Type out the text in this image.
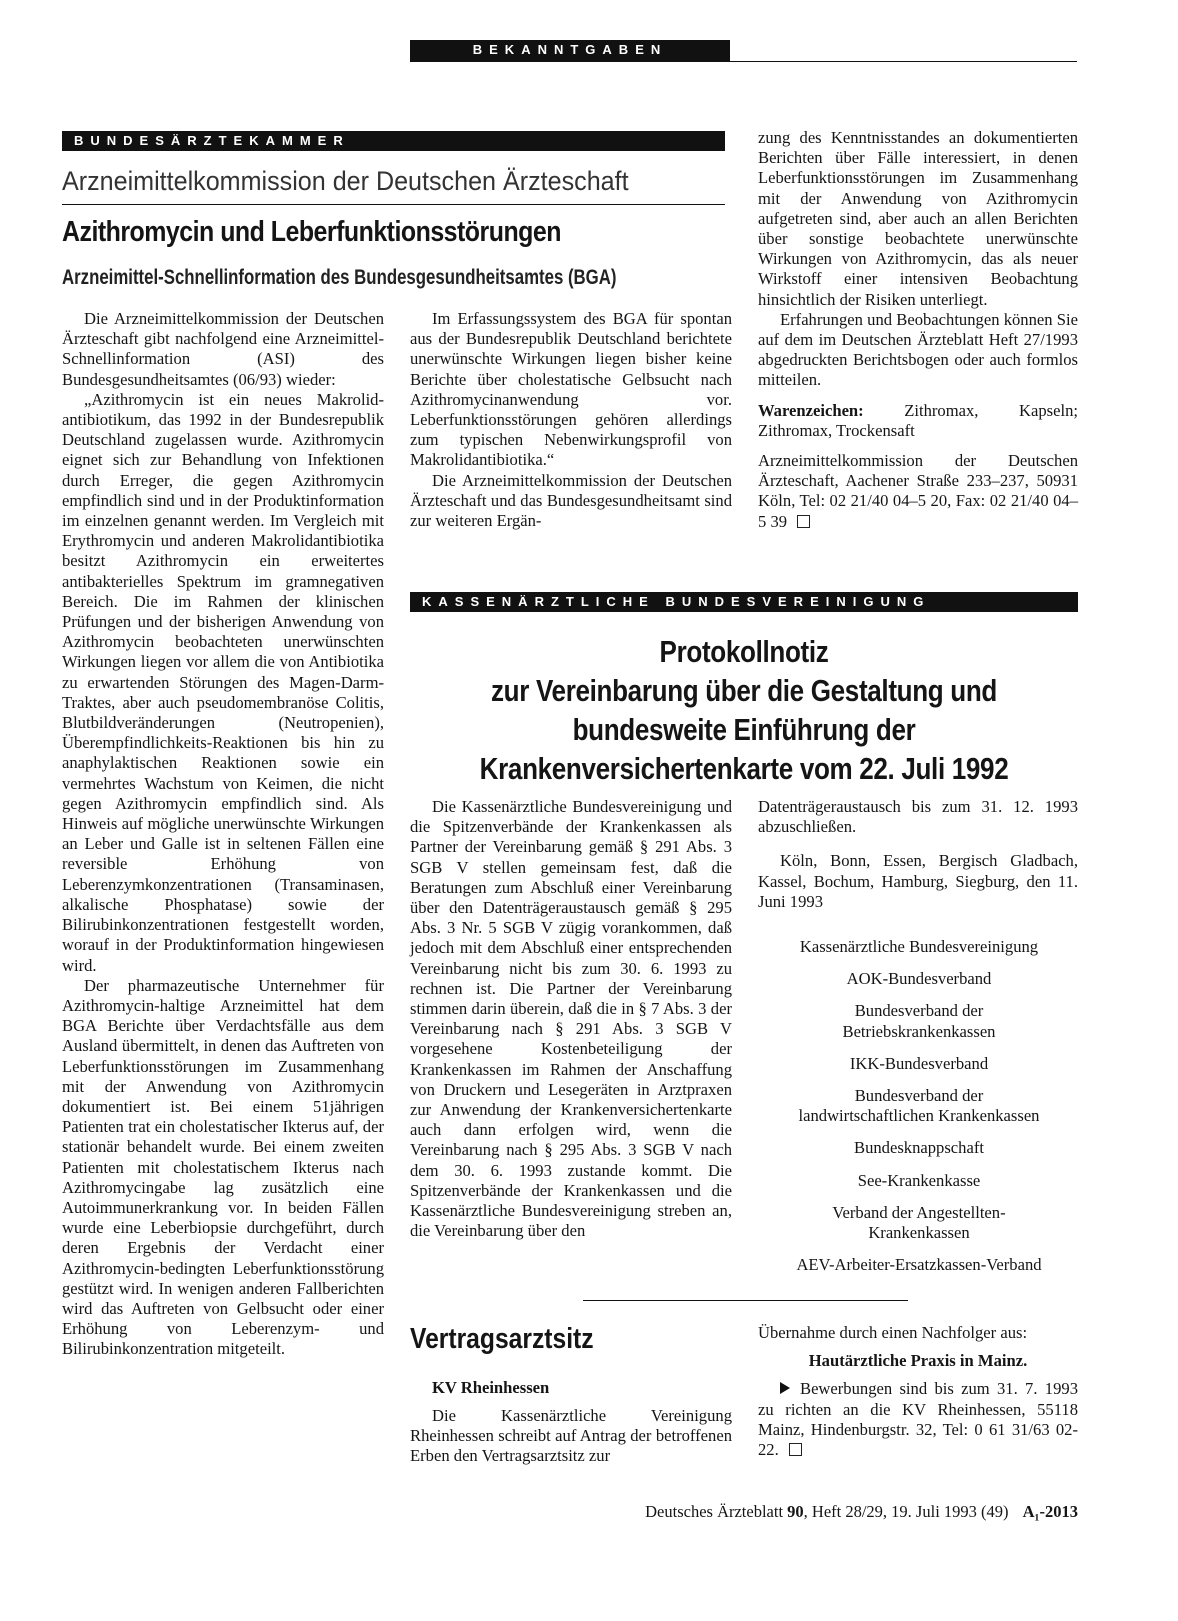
BEKANNTGABEN
BUNDESÄRZTEKAMMER
Arzneimittelkommission der Deutschen Ärzteschaft
Azithromycin und Leberfunktionsstörungen
Arzneimittel-Schnellinformation des Bundesgesundheitsamtes (BGA)

Die Arzneimittelkommission der Deutschen Ärzteschaft gibt nachfolgend eine Arzneimittel-Schnellinformation (ASI) des Bundesgesundheitsamtes (06/93) wieder:

„Azithromycin ist ein neues Makrolid-antibiotikum, das 1992 in der Bundesrepublik Deutschland zugelassen wurde. Azithromycin eignet sich zur Behandlung von Infektionen durch Erreger, die gegen Azithromycin empfindlich sind und in der Produktinformation im einzelnen genannt werden. Im Vergleich mit Erythromycin und anderen Makrolidantibiotika besitzt Azithromycin ein erweitertes antibakterielles Spektrum im gramnegativen Bereich. Die im Rahmen der klinischen Prüfungen und der bisherigen Anwendung von Azithromycin beobachteten unerwünschten Wirkungen liegen vor allem die von Antibiotika zu erwartenden Störungen des Magen-Darm-Traktes, aber auch pseudomembranöse Colitis, Blutbildveränderungen (Neutropenien), Überempfindlichkeits-Reaktionen bis hin zu anaphylaktischen Reaktionen sowie ein vermehrtes Wachstum von Keimen, die nicht gegen Azithromycin empfindlich sind. Als Hinweis auf mögliche unerwünschte Wirkungen an Leber und Galle ist in seltenen Fällen eine reversible Erhöhung von Leberenzymkonzentrationen (Transaminasen, alkalische Phosphatase) sowie der Bilirubinkonzentrationen festgestellt worden, worauf in der Produktinformation hingewiesen wird.

Der pharmazeutische Unternehmer für Azithromycin-haltige Arzneimittel hat dem BGA Berichte über Verdachtsfälle aus dem Ausland übermittelt, in denen das Auftreten von Leberfunktionsstörungen im Zusammenhang mit der Anwendung von Azithromycin dokumentiert ist. Bei einem 51jährigen Patienten trat ein cholestatischer Ikterus auf, der stationär behandelt wurde. Bei einem zweiten Patienten mit cholestatischem Ikterus nach Azithromycingabe lag zusätzlich eine Autoimmunerkrankung vor. In beiden Fällen wurde eine Leberbiopsie durchgeführt, durch deren Ergebnis der Verdacht einer Azithromycin-bedingten Leberfunktionsstörung gestützt wird. In wenigen anderen Fallberichten wird das Auftreten von Gelbsucht oder einer Erhöhung von Leberenzym- und Bilirubinkonzentration mitgeteilt.

Im Erfassungssystem des BGA für spontan aus der Bundesrepublik Deutschland berichtete unerwünschte Wirkungen liegen bisher keine Berichte über cholestatische Gelbsucht nach Azithromycinanwendung vor. Leberfunktionsstörungen gehören allerdings zum typischen Nebenwirkungsprofil von Makrolidantibiotika.“

Die Arzneimittelkommission der Deutschen Ärzteschaft und das Bundesgesundheitsamt sind zur weiteren Ergän-

zung des Kenntnisstandes an dokumentierten Berichten über Fälle interessiert, in denen Leberfunktionsstörungen im Zusammenhang mit der Anwendung von Azithromycin aufgetreten sind, aber auch an allen Berichten über sonstige beobachtete unerwünschte Wirkungen von Azithromycin, das als neuer Wirkstoff einer intensiven Beobachtung hinsichtlich der Risiken unterliegt.

Erfahrungen und Beobachtungen können Sie auf dem im Deutschen Ärzteblatt Heft 27/1993 abgedruckten Berichtsbogen oder auch formlos mitteilen.

Warenzeichen: Zithromax, Kapseln; Zithromax, Trockensaft

Arzneimittelkommission der Deutschen Ärzteschaft, Aachener Straße 233–237, 50931 Köln, Tel: 02 21/40 04–5 20, Fax: 02 21/40 04–5 39

KASSENÄRZTLICHE BUNDESVEREINIGUNG
Protokollnotiz
zur Vereinbarung über die Gestaltung und
bundesweite Einführung der
Krankenversichertenkarte vom 22. Juli 1992

Die Kassenärztliche Bundesvereinigung und die Spitzenverbände der Krankenkassen als Partner der Vereinbarung gemäß § 291 Abs. 3 SGB V stellen gemeinsam fest, daß die Beratungen zum Abschluß einer Vereinbarung über den Datenträgeraustausch gemäß § 295 Abs. 3 Nr. 5 SGB V zügig vorankommen, daß jedoch mit dem Abschluß einer entsprechenden Vereinbarung nicht bis zum 30. 6. 1993 zu rechnen ist. Die Partner der Vereinbarung stimmen darin überein, daß die in § 7 Abs. 3 der Vereinbarung nach § 291 Abs. 3 SGB V vorgesehene Kostenbeteiligung der Krankenkassen im Rahmen der Anschaffung von Druckern und Lesegeräten in Arztpraxen zur Anwendung der Krankenversichertenkarte auch dann erfolgen wird, wenn die Vereinbarung nach § 295 Abs. 3 SGB V nach dem 30. 6. 1993 zustande kommt. Die Spitzenverbände der Krankenkassen und die Kassenärztliche Bundesvereinigung streben an, die Vereinbarung über den

Datenträgeraustausch bis zum 31. 12. 1993 abzuschließen.

Köln, Bonn, Essen, Bergisch Gladbach, Kassel, Bochum, Hamburg, Siegburg, den 11. Juni 1993

Kassenärztliche Bundesvereinigung

AOK-Bundesverband

Bundesverband der Betriebskrankenkassen

IKK-Bundesverband

Bundesverband der landwirtschaftlichen Krankenkassen

Bundesknappschaft

See-Krankenkasse

Verband der Angestellten-Krankenkassen

AEV-Arbeiter-Ersatzkassen-Verband

Vertragsarztsitz
KV Rheinhessen

Die Kassenärztliche Vereinigung Rheinhessen schreibt auf Antrag der betroffenen Erben den Vertragsarztsitz zur

Übernahme durch einen Nachfolger aus:

Hautärztliche Praxis in Mainz.

Bewerbungen sind bis zum 31. 7. 1993 zu richten an die KV Rheinhessen, 55118 Mainz, Hindenburgstr. 32, Tel: 0 61 31/63 02-22.

Deutsches Ärzteblatt 90, Heft 28/29, 19. Juli 1993 (49) A₁-2013
